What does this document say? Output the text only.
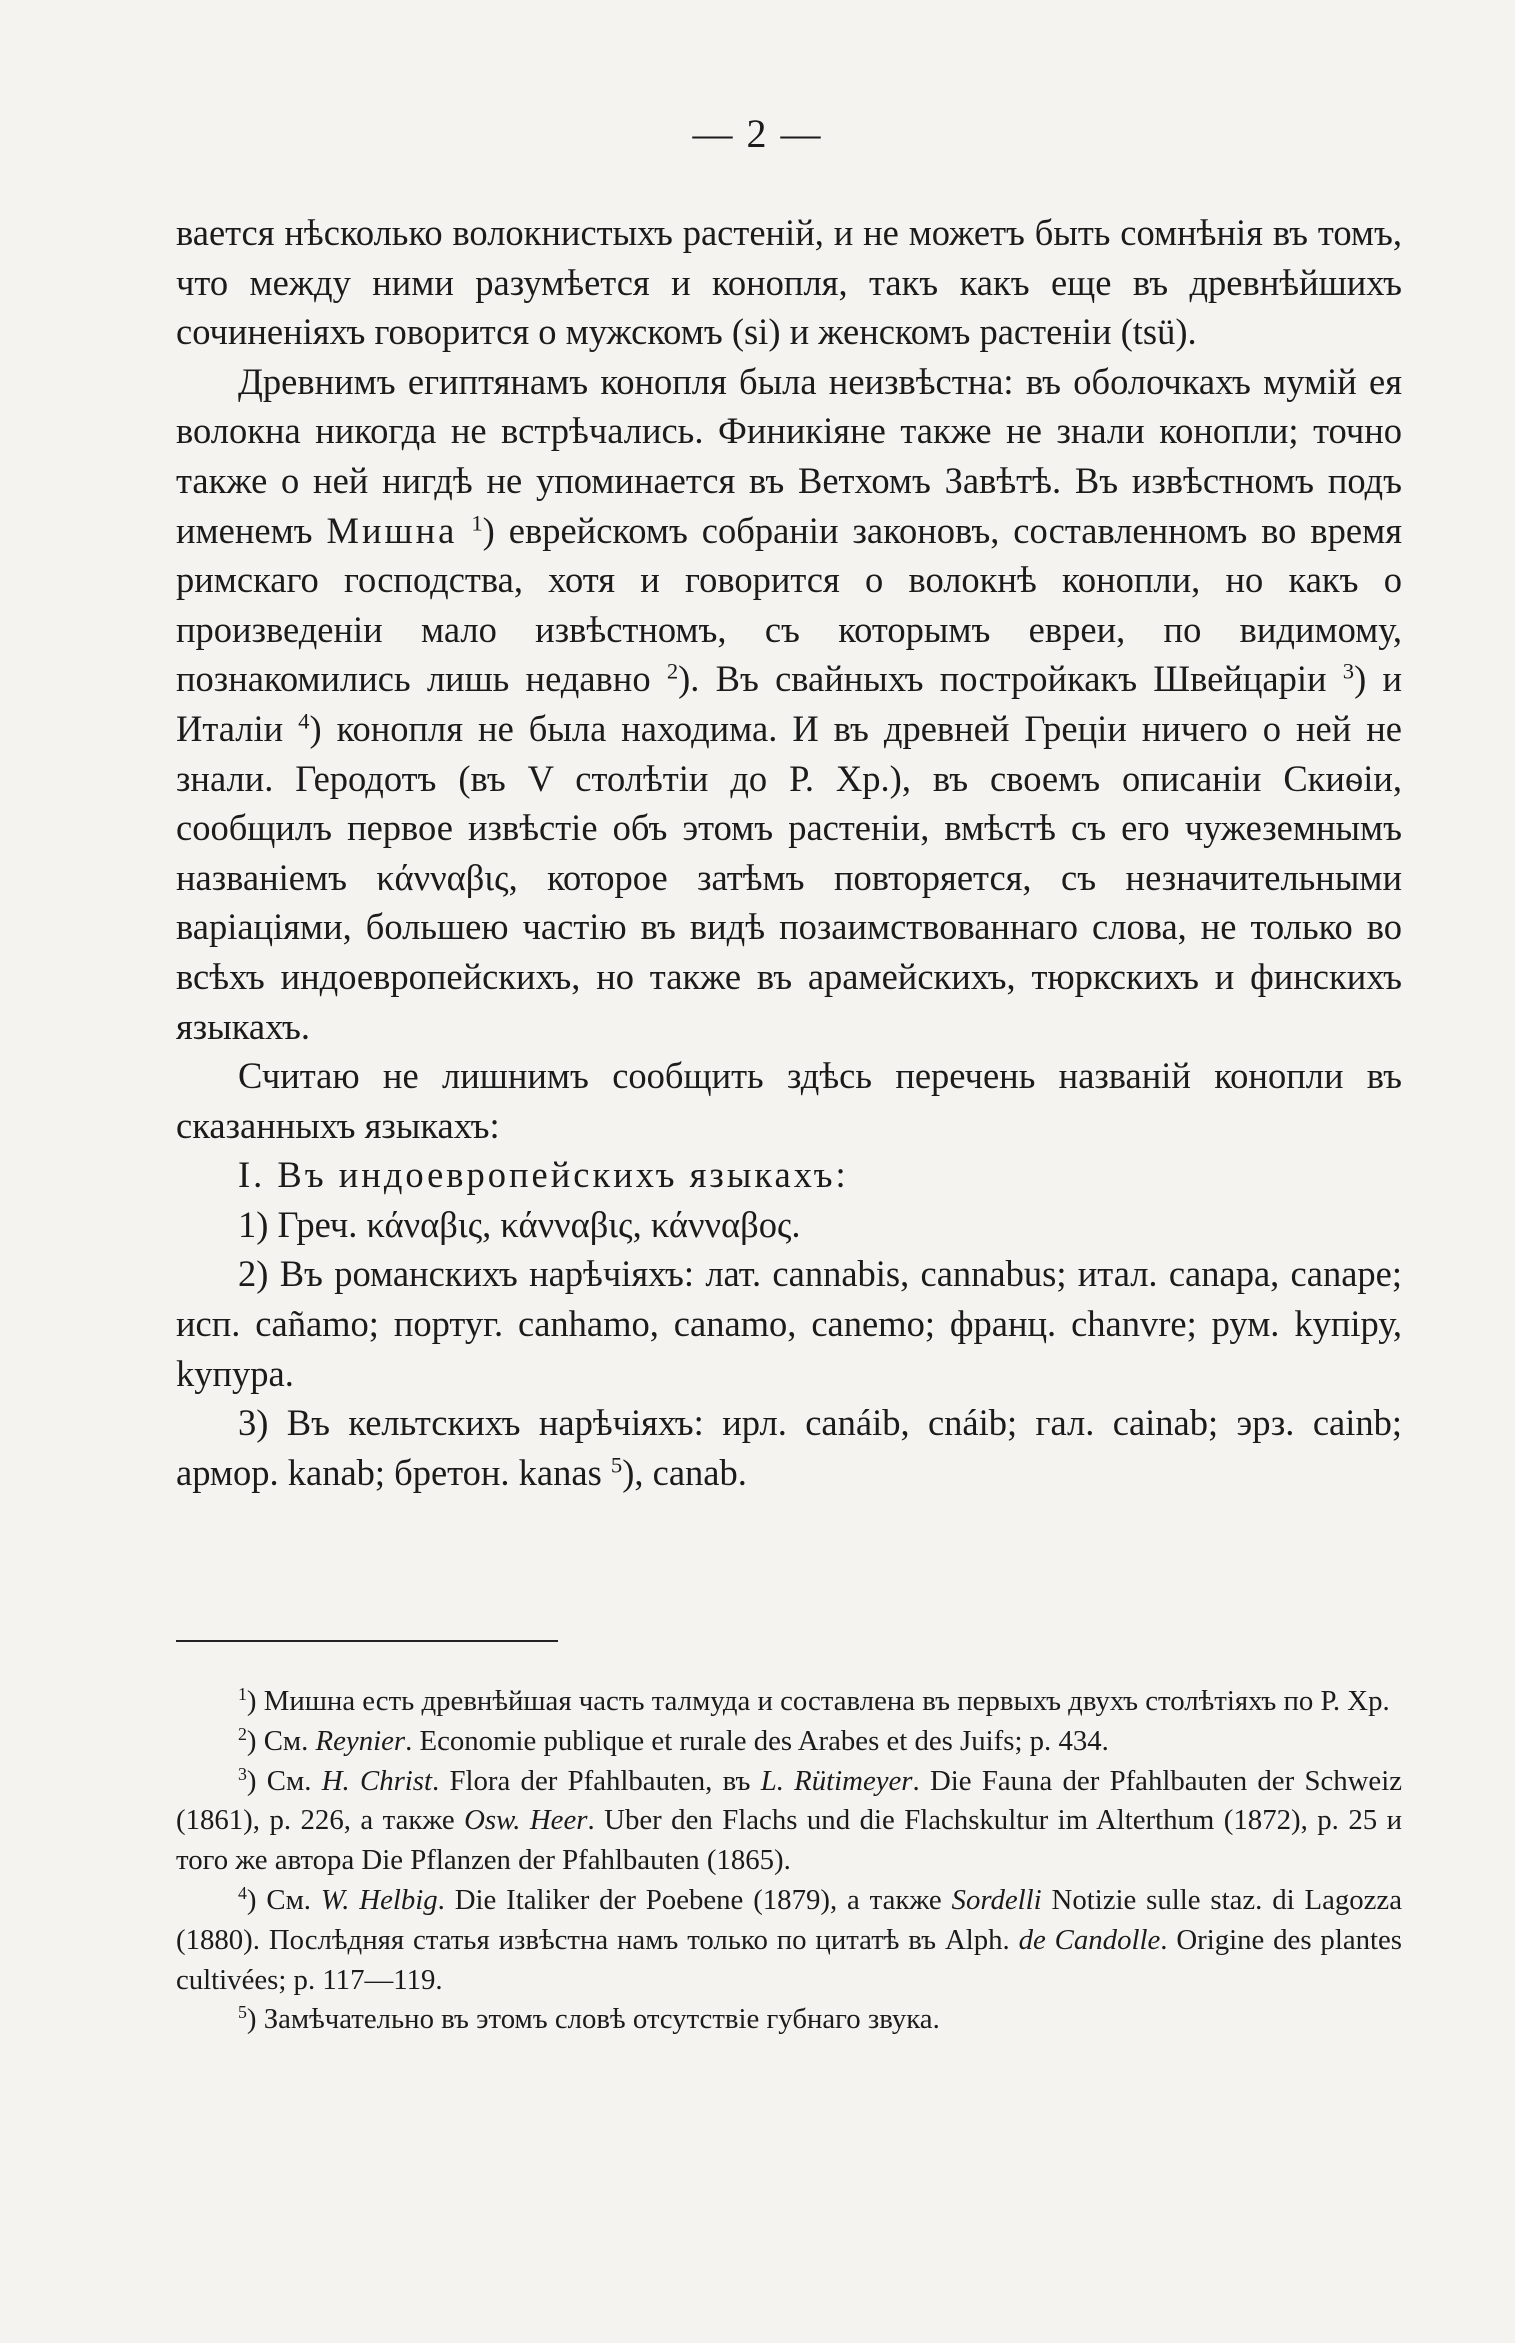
— 2 —

вается нѣсколько волокнистыхъ растеній, и не можетъ быть сомнѣнія въ томъ, что между ними разумѣется и конопля, такъ какъ еще въ древнѣйшихъ сочиненіяхъ говорится о мужскомъ (si) и женскомъ растеніи (tsü).

Древнимъ египтянамъ конопля была неизвѣстна: въ оболочкахъ мумій ея волокна никогда не встрѣчались. Финикіяне также не знали конопли; точно также о ней нигдѣ не упоминается въ Ветхомъ Завѣтѣ. Въ извѣстномъ подъ именемъ Мишна $^1$) еврейскомъ собраніи законовъ, составленномъ во время римскаго господства, хотя и говорится о волокнѣ конопли, но какъ о произведеніи мало извѣстномъ, съ которымъ евреи, по видимому, познакомились лишь недавно $^2$). Въ свайныхъ постройкакъ Швейцаріи $^3$) и Италіи $^4$) конопля не была находима. И въ древней Греціи ничего о ней не знали. Геродотъ (въ V столѣтіи до Р. Хр.), въ своемъ описаніи Скиѳіи, сообщилъ первое извѣстіе объ этомъ растеніи, вмѣстѣ съ его чужеземнымъ названіемъ κάνναβις, которое затѣмъ повторяется, съ незначительными варіаціями, большею частію въ видѣ позаимствованнаго слова, не только во всѣхъ индоевропейскихъ, но также въ арамейскихъ, тюркскихъ и финскихъ языкахъ.

Считаю не лишнимъ сообщить здѣсь перечень названій конопли въ сказанныхъ языкахъ:

I. Въ индоевропейскихъ языкахъ:

1) Греч. κάναβις, κάνναβις, κάνναβος.

2) Въ романскихъ нарѣчіяхъ: лат. cannabis, cannabus; итал. canapa, canape; исп. cañamo; португ. canhamo, canamo, canemo; франц. chanvre; рум. kупiру, kупура.

3) Въ кельтскихъ нарѣчіяхъ: ирл. canáib, cnáib; гал. cainab; эрз. cainb; армор. kanab; бретон. kanas $^5$), canab.

$^1$) Мишна есть древнѣйшая часть талмуда и составлена въ первыхъ двухъ столѣтіяхъ по Р. Хр.

$^2$) См. Reynier. Economie publique et rurale des Arabes et des Juifs; p. 434.

$^3$) См. H. Christ. Flora der Pfahlbauten, въ L. Rütimeyer. Die Fauna der Pfahlbauten der Schweiz (1861), p. 226, а также Osw. Heer. Uber den Flachs und die Flachskultur im Alterthum (1872), p. 25 и того же автора Die Pflanzen der Pfahlbauten (1865).

$^4$) См. W. Helbig. Die Italiker der Poebene (1879), а также Sordelli Notizie sulle staz. di Lagozza (1880). Послѣдняя статья извѣстна намъ только по цитатѣ въ Alph. de Candolle. Origine des plantes cultivées; p. 117—119.

$^5$) Замѣчательно въ этомъ словѣ отсутствіе губнаго звука.
